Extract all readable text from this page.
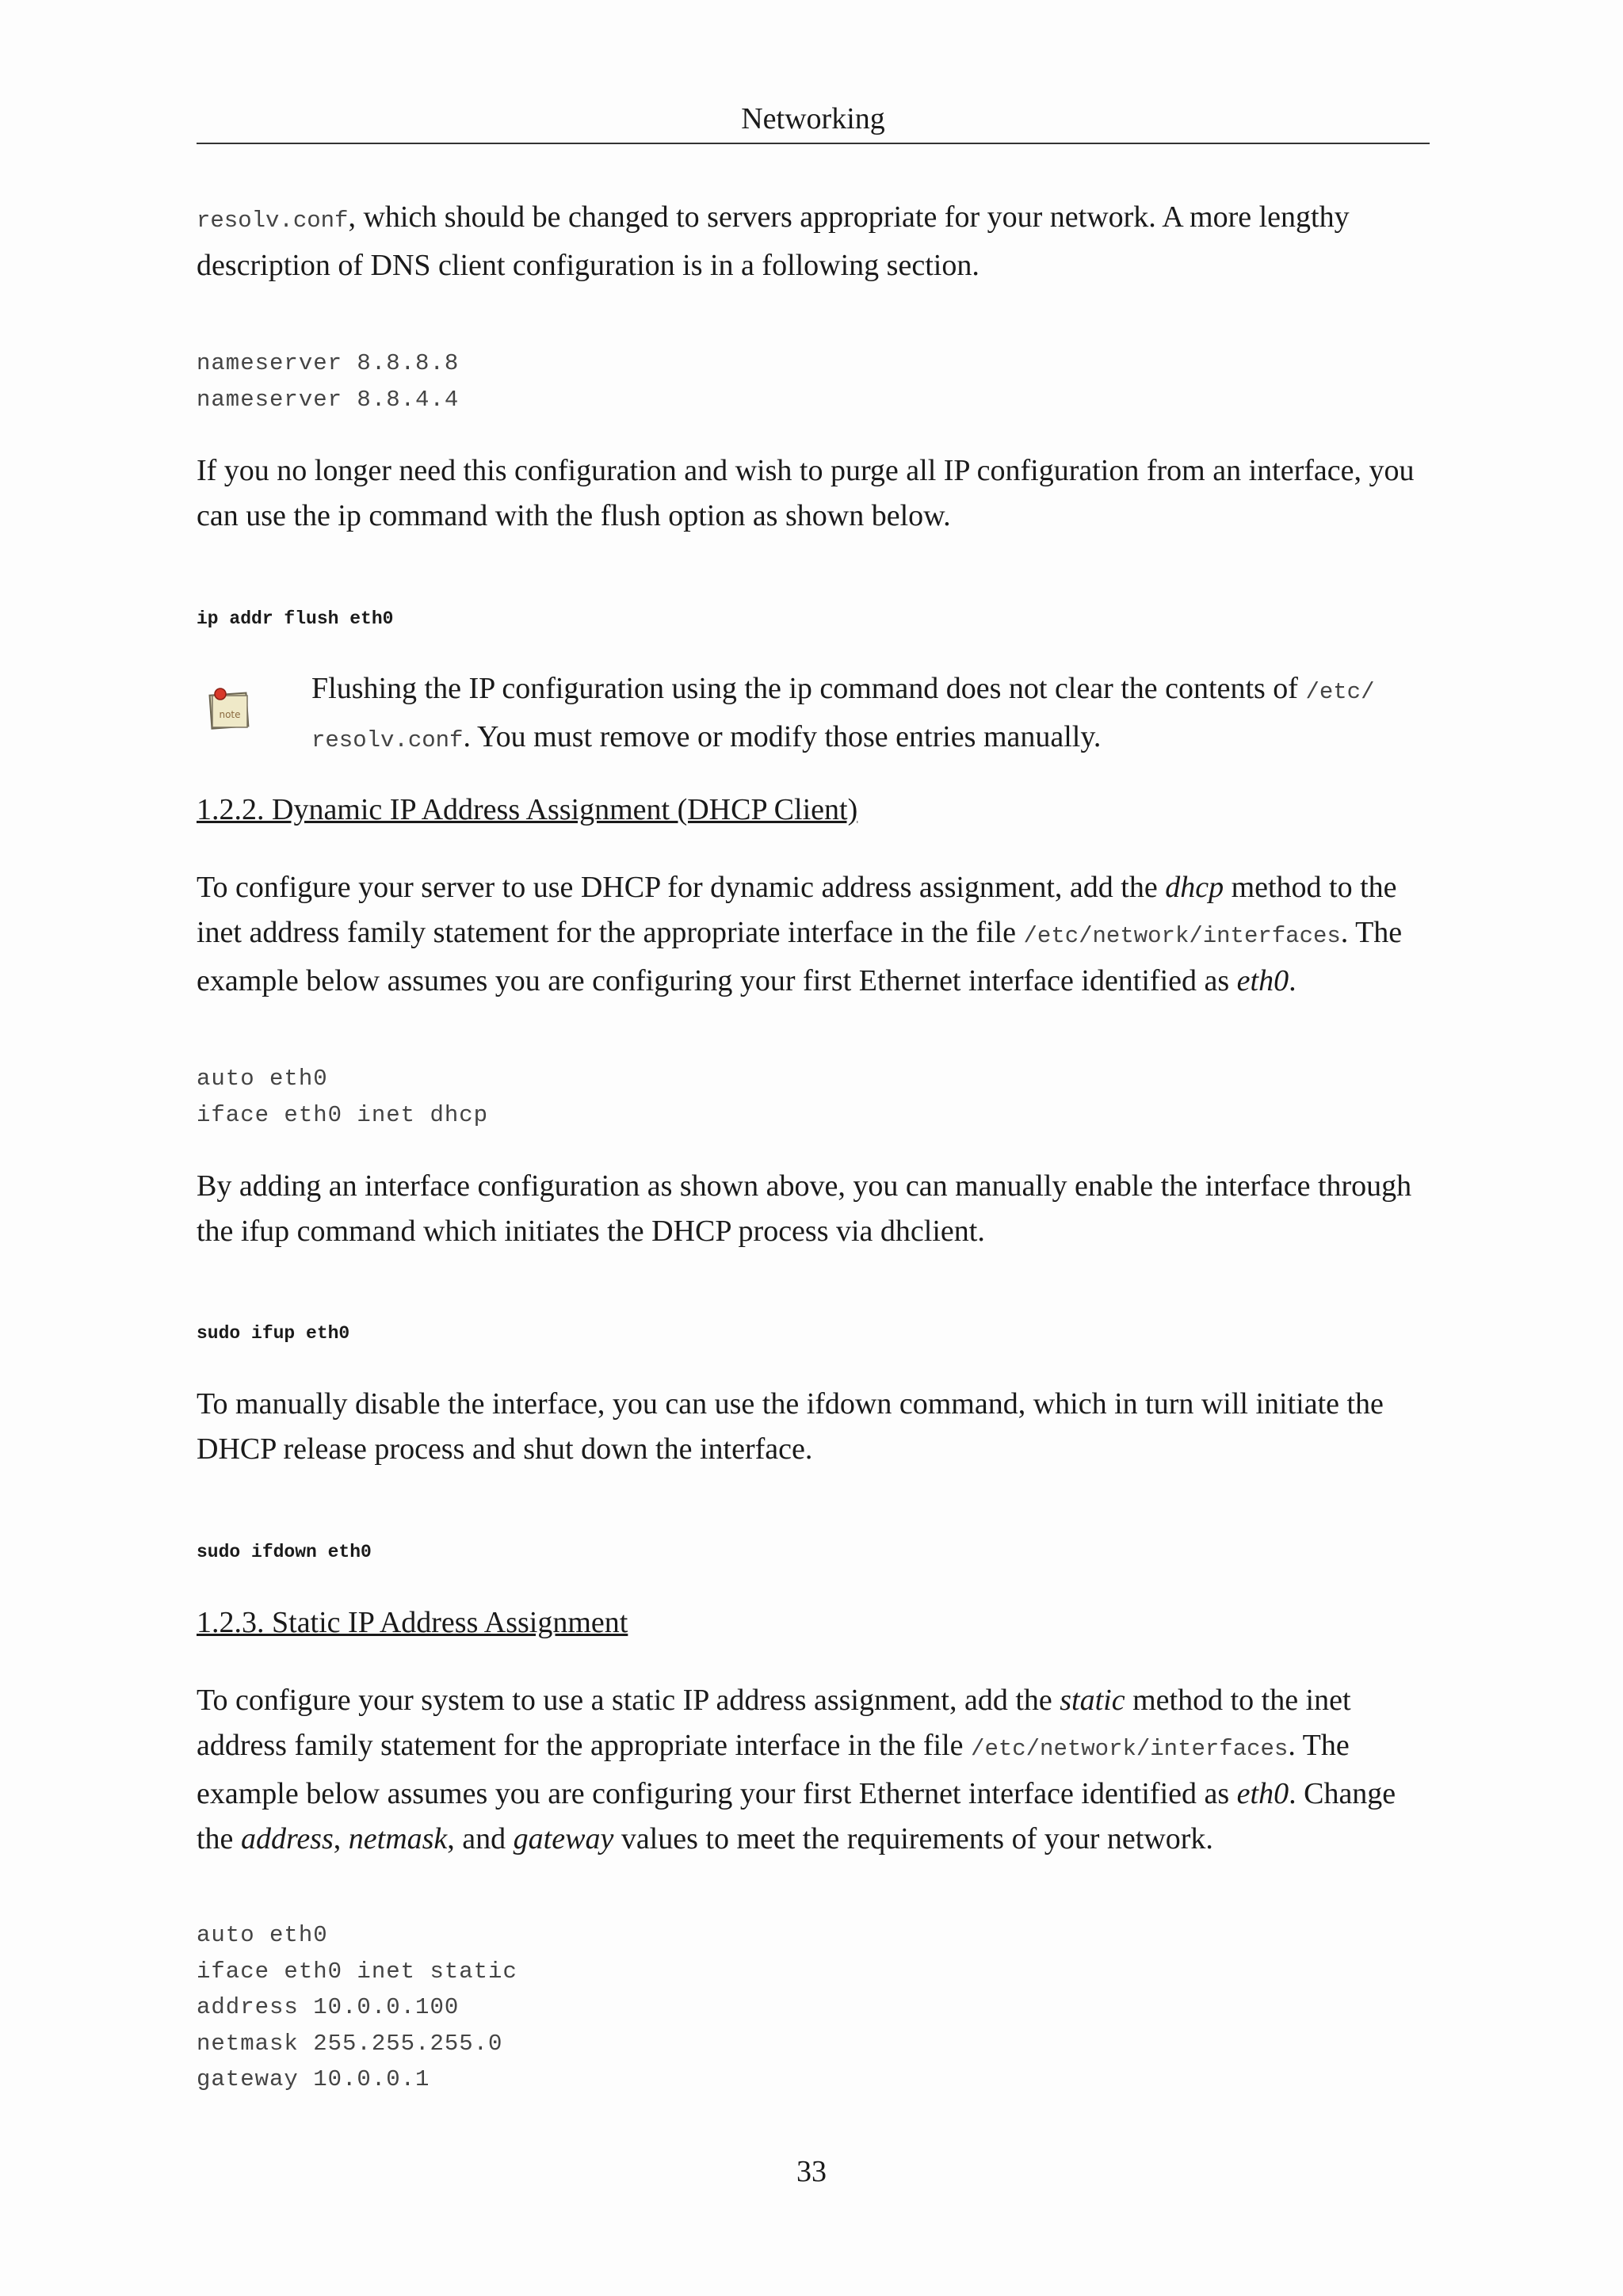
Networking

resolv.conf, which should be changed to servers appropriate for your network. A more lengthy description of DNS client configuration is in a following section.

nameserver 8.8.8.8
nameserver 8.8.4.4

If you no longer need this configuration and wish to purge all IP configuration from an interface, you can use the ip command with the flush option as shown below.

ip addr flush eth0
note

Flushing the IP configuration using the ip command does not clear the contents of /etc/ resolv.conf. You must remove or modify those entries manually.

1.2.2. Dynamic IP Address Assignment (DHCP Client)

To configure your server to use DHCP for dynamic address assignment, add the dhcp method to the inet address family statement for the appropriate interface in the file /etc/network/interfaces. The example below assumes you are configuring your first Ethernet interface identified as eth0.

auto eth0
iface eth0 inet dhcp

By adding an interface configuration as shown above, you can manually enable the interface through the ifup command which initiates the DHCP process via dhclient.

sudo ifup eth0

To manually disable the interface, you can use the ifdown command, which in turn will initiate the DHCP release process and shut down the interface.

sudo ifdown eth0
1.2.3. Static IP Address Assignment

To configure your system to use a static IP address assignment, add the static method to the inet address family statement for the appropriate interface in the file /etc/network/interfaces. The example below assumes you are configuring your first Ethernet interface identified as eth0. Change the address, netmask, and gateway values to meet the requirements of your network.

auto eth0
iface eth0 inet static
address 10.0.0.100
netmask 255.255.255.0
gateway 10.0.0.1
33
